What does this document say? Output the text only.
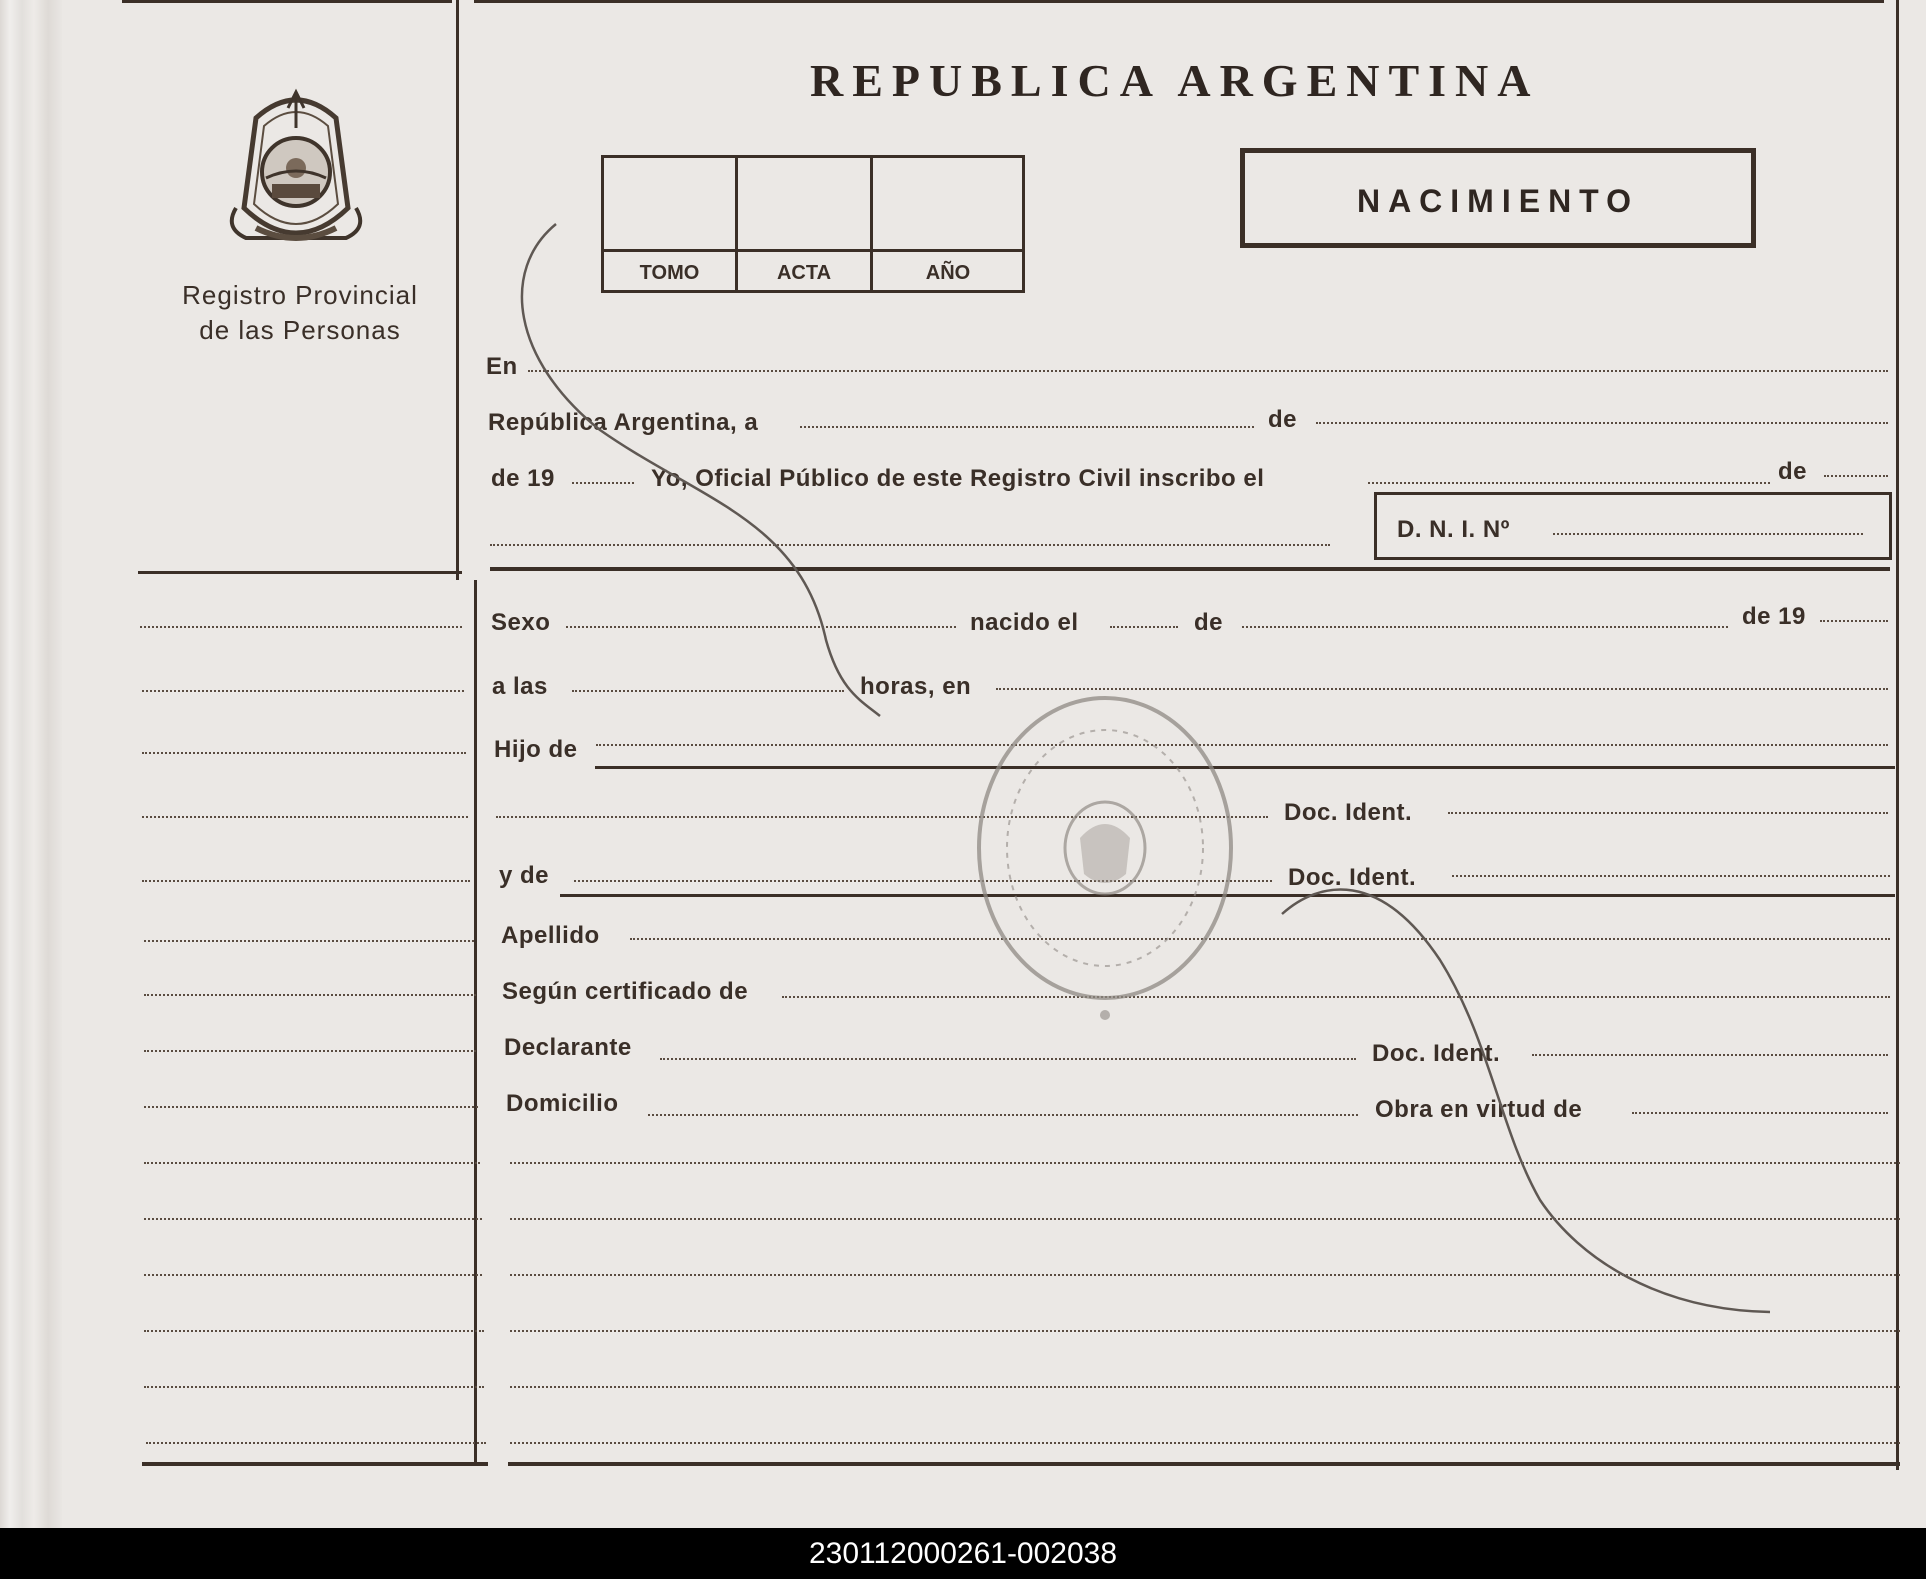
REPUBLICA ARGENTINA
TOMO	ACTA	AÑO
NACIMIENTO
Registro Provincial
de las Personas
En
República Argentina, a	de
de 19	Yo, Oficial Público de este Registro Civil inscribo el	de
D. N. I. Nº
Sexo	nacido el	de	de 19
a las	horas, en
Hijo de
Doc. Ident.
y de	Doc. Ident.
Apellido
Según certificado de
Declarante	Doc. Ident.
Domicilio	Obra en virtud de
230112000261-002038
